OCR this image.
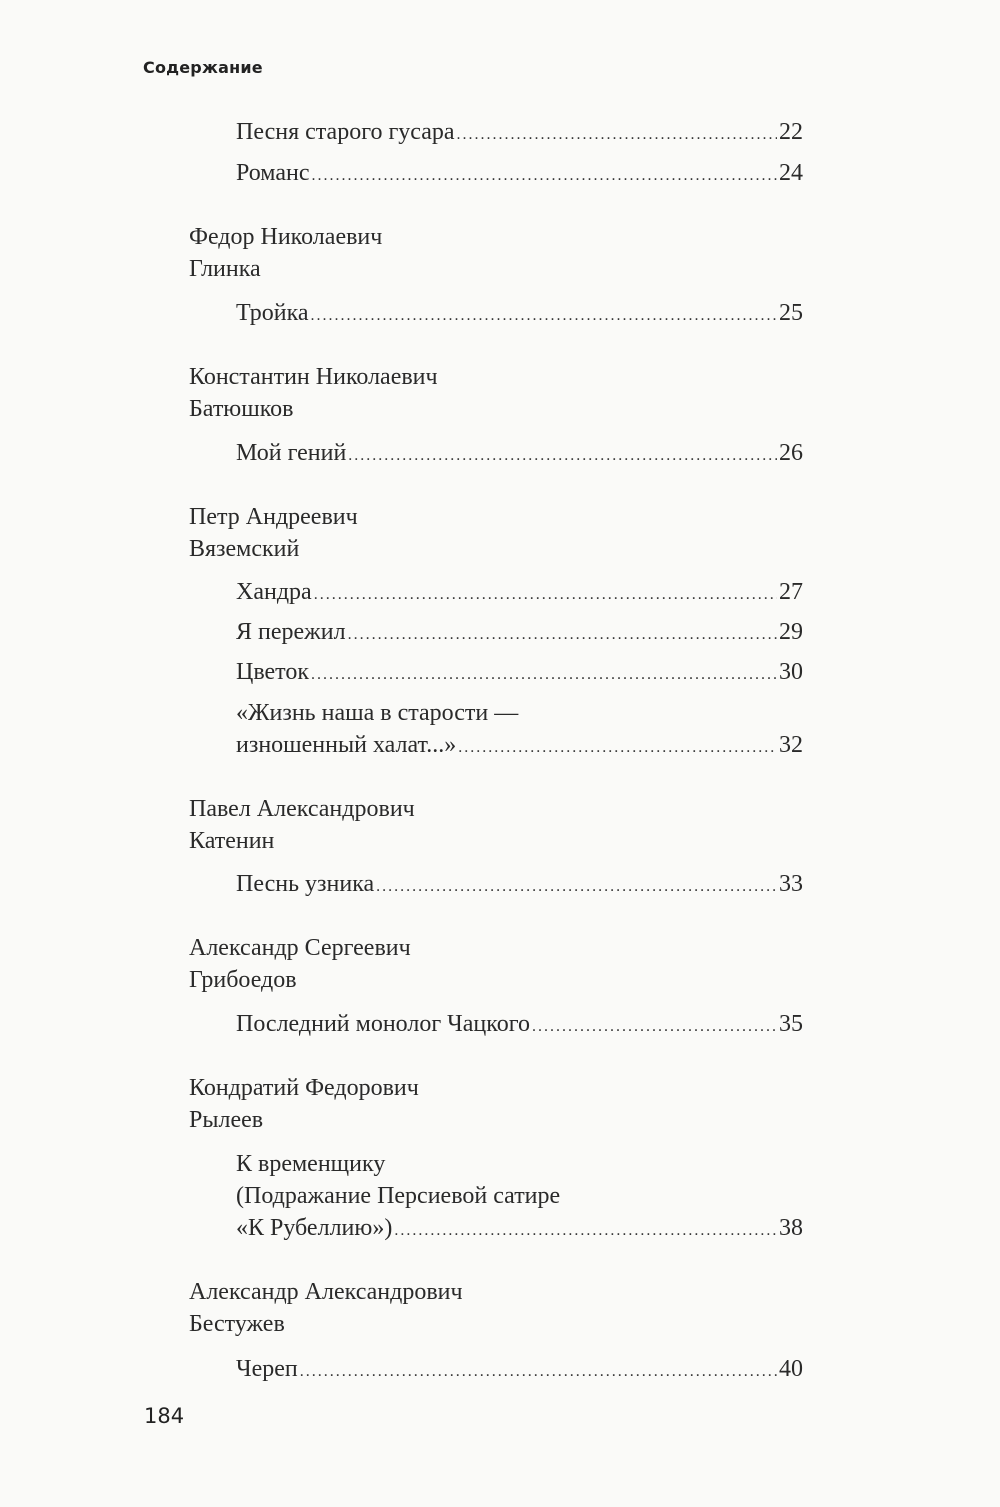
Содержание
Песня старого гусара .....	22
Романс .....	24
Федор Николаевич
Глинка
Тройка .....	25
Константин Николаевич
Батюшков
Мой гений .....	26
Петр Андреевич
Вяземский
Хандра .....	27
Я пережил .....	29
Цветок .....	30
«Жизнь наша в старости —
изношенный халат...» .....	32
Павел Александрович
Катенин
Песнь узника .....	33
Александр Сергеевич
Грибоедов
Последний монолог Чацкого .....	35
Кондратий Федорович
Рылеев
К временщику
(Подражание Персиевой сатире
«К Рубеллию») .....	38
Александр Александрович
Бестужев
Череп .....	40
184
